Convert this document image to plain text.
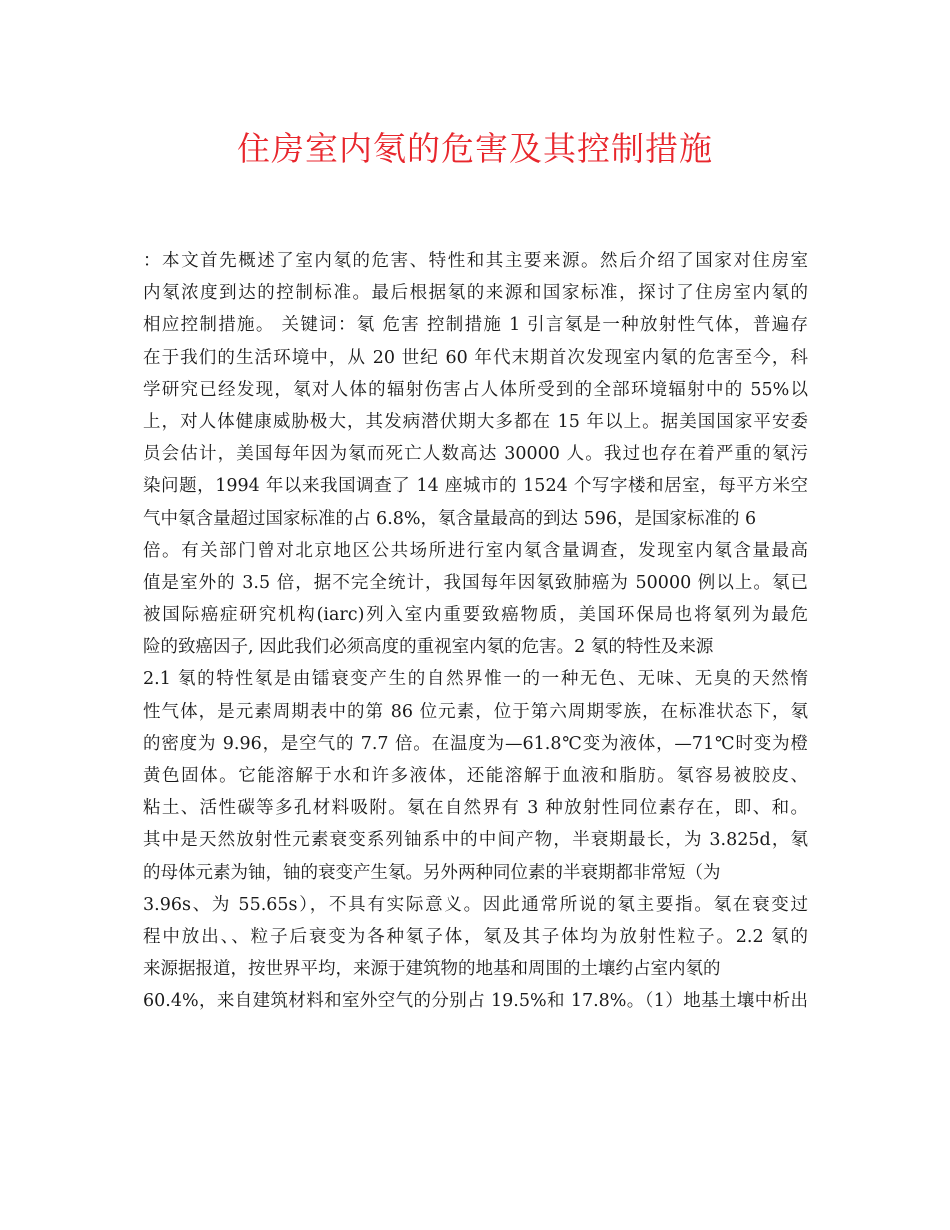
住房室内氡的危害及其控制措施
：本文首先概述了室内氡的危害、特性和其主要来源。然后介绍了国家对住房室
内氡浓度到达的控制标准。最后根据氡的来源和国家标准，探讨了住房室内氡的
相应控制措施。 关键词：氡 危害 控制措施 1 引言氡是一种放射性气体，普遍存
在于我们的生活环境中，从 20 世纪 60 年代末期首次发现室内氡的危害至今，科
学研究已经发现，氡对人体的辐射伤害占人体所受到的全部环境辐射中的 55%以
上，对人体健康威胁极大，其发病潜伏期大多都在 15 年以上。据美国国家平安委
员会估计，美国每年因为氡而死亡人数高达 30000 人。我过也存在着严重的氡污
染问题，1994 年以来我国调查了 14 座城市的 1524 个写字楼和居室，每平方米空
气中氡含量超过国家标准的占 6.8%，氡含量最高的到达 596，是国家标准的 6
倍。有关部门曾对北京地区公共场所进行室内氡含量调查，发现室内氡含量最高
值是室外的 3.5 倍，据不完全统计，我国每年因氡致肺癌为 50000 例以上。氡已
被国际癌症研究机构(iarc)列入室内重要致癌物质，美国环保局也将氡列为最危
险的致癌因子, 因此我们必须高度的重视室内氡的危害。2 氡的特性及来源
2.1 氡的特性氡是由镭衰变产生的自然界惟一的一种无色、无味、无臭的天然惰
性气体，是元素周期表中的第 86 位元素，位于第六周期零族，在标准状态下，氡
的密度为 9.96，是空气的 7.7 倍。在温度为—61.8℃变为液体，—71℃时变为橙
黄色固体。它能溶解于水和许多液体，还能溶解于血液和脂肪。氡容易被胶皮、
粘土、活性碳等多孔材料吸附。氡在自然界有 3 种放射性同位素存在，即、和。
其中是天然放射性元素衰变系列铀系中的中间产物，半衰期最长，为 3.825d，氡
的母体元素为铀，铀的衰变产生氡。另外两种同位素的半衰期都非常短（为
3.96s、为 55.65s），不具有实际意义。因此通常所说的氡主要指。氡在衰变过
程中放出、、粒子后衰变为各种氡子体，氡及其子体均为放射性粒子。2.2 氡的
来源据报道，按世界平均，来源于建筑物的地基和周围的土壤约占室内氡的
60.4%，来自建筑材料和室外空气的分别占 19.5%和 17.8%。（1）地基土壤中析出
